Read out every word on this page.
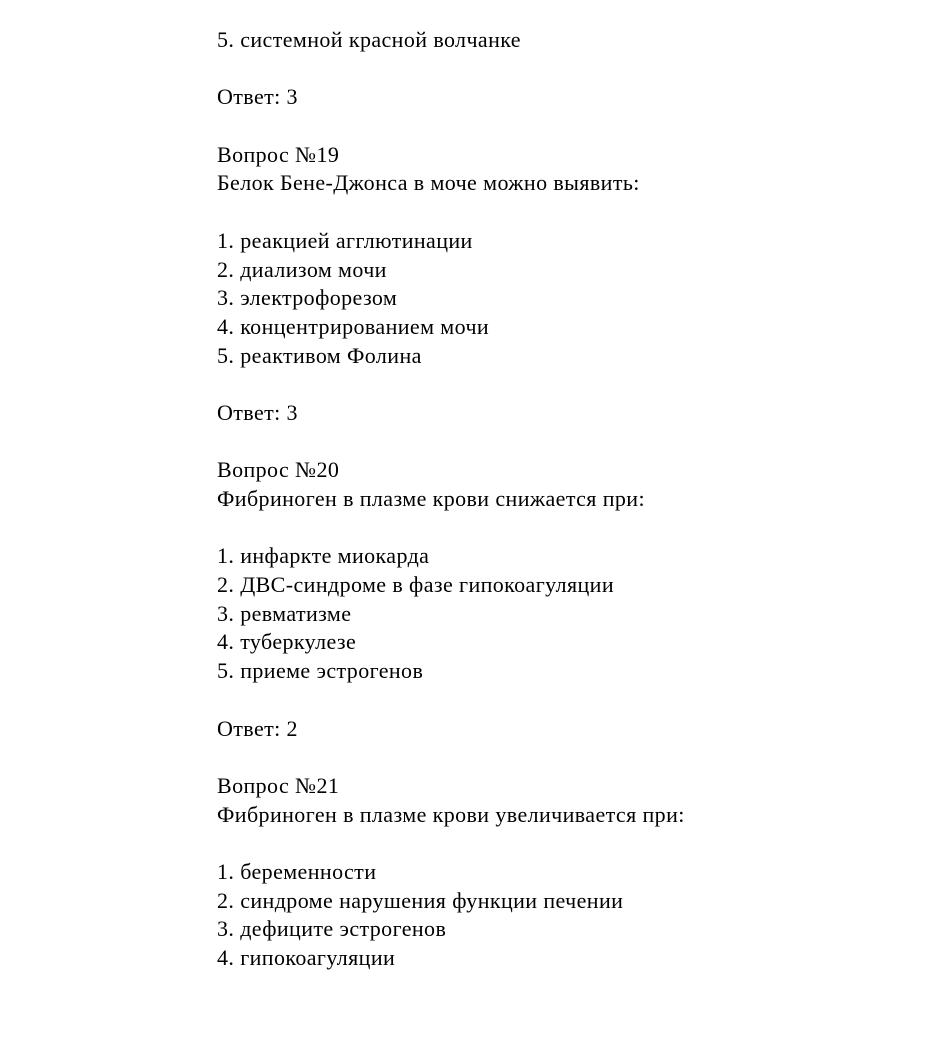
5. системной красной волчанке
Ответ: 3
Вопрос №19
Белок Бене-Джонса в моче можно выявить:
1. реакцией агглютинации
2. диализом мочи
3. электрофорезом
4. концентрированием мочи
5. реактивом Фолина
Ответ: 3
Вопрос №20
Фибриноген в плазме крови снижается при:
1. инфаркте миокарда
2. ДВС-синдроме в фазе гипокоагуляции
3. ревматизме
4. туберкулезе
5. приеме эстрогенов
Ответ: 2
Вопрос №21
Фибриноген в плазме крови увеличивается при:
1. беременности
2. синдроме нарушения функции печении
3. дефиците эстрогенов
4. гипокоагуляции
